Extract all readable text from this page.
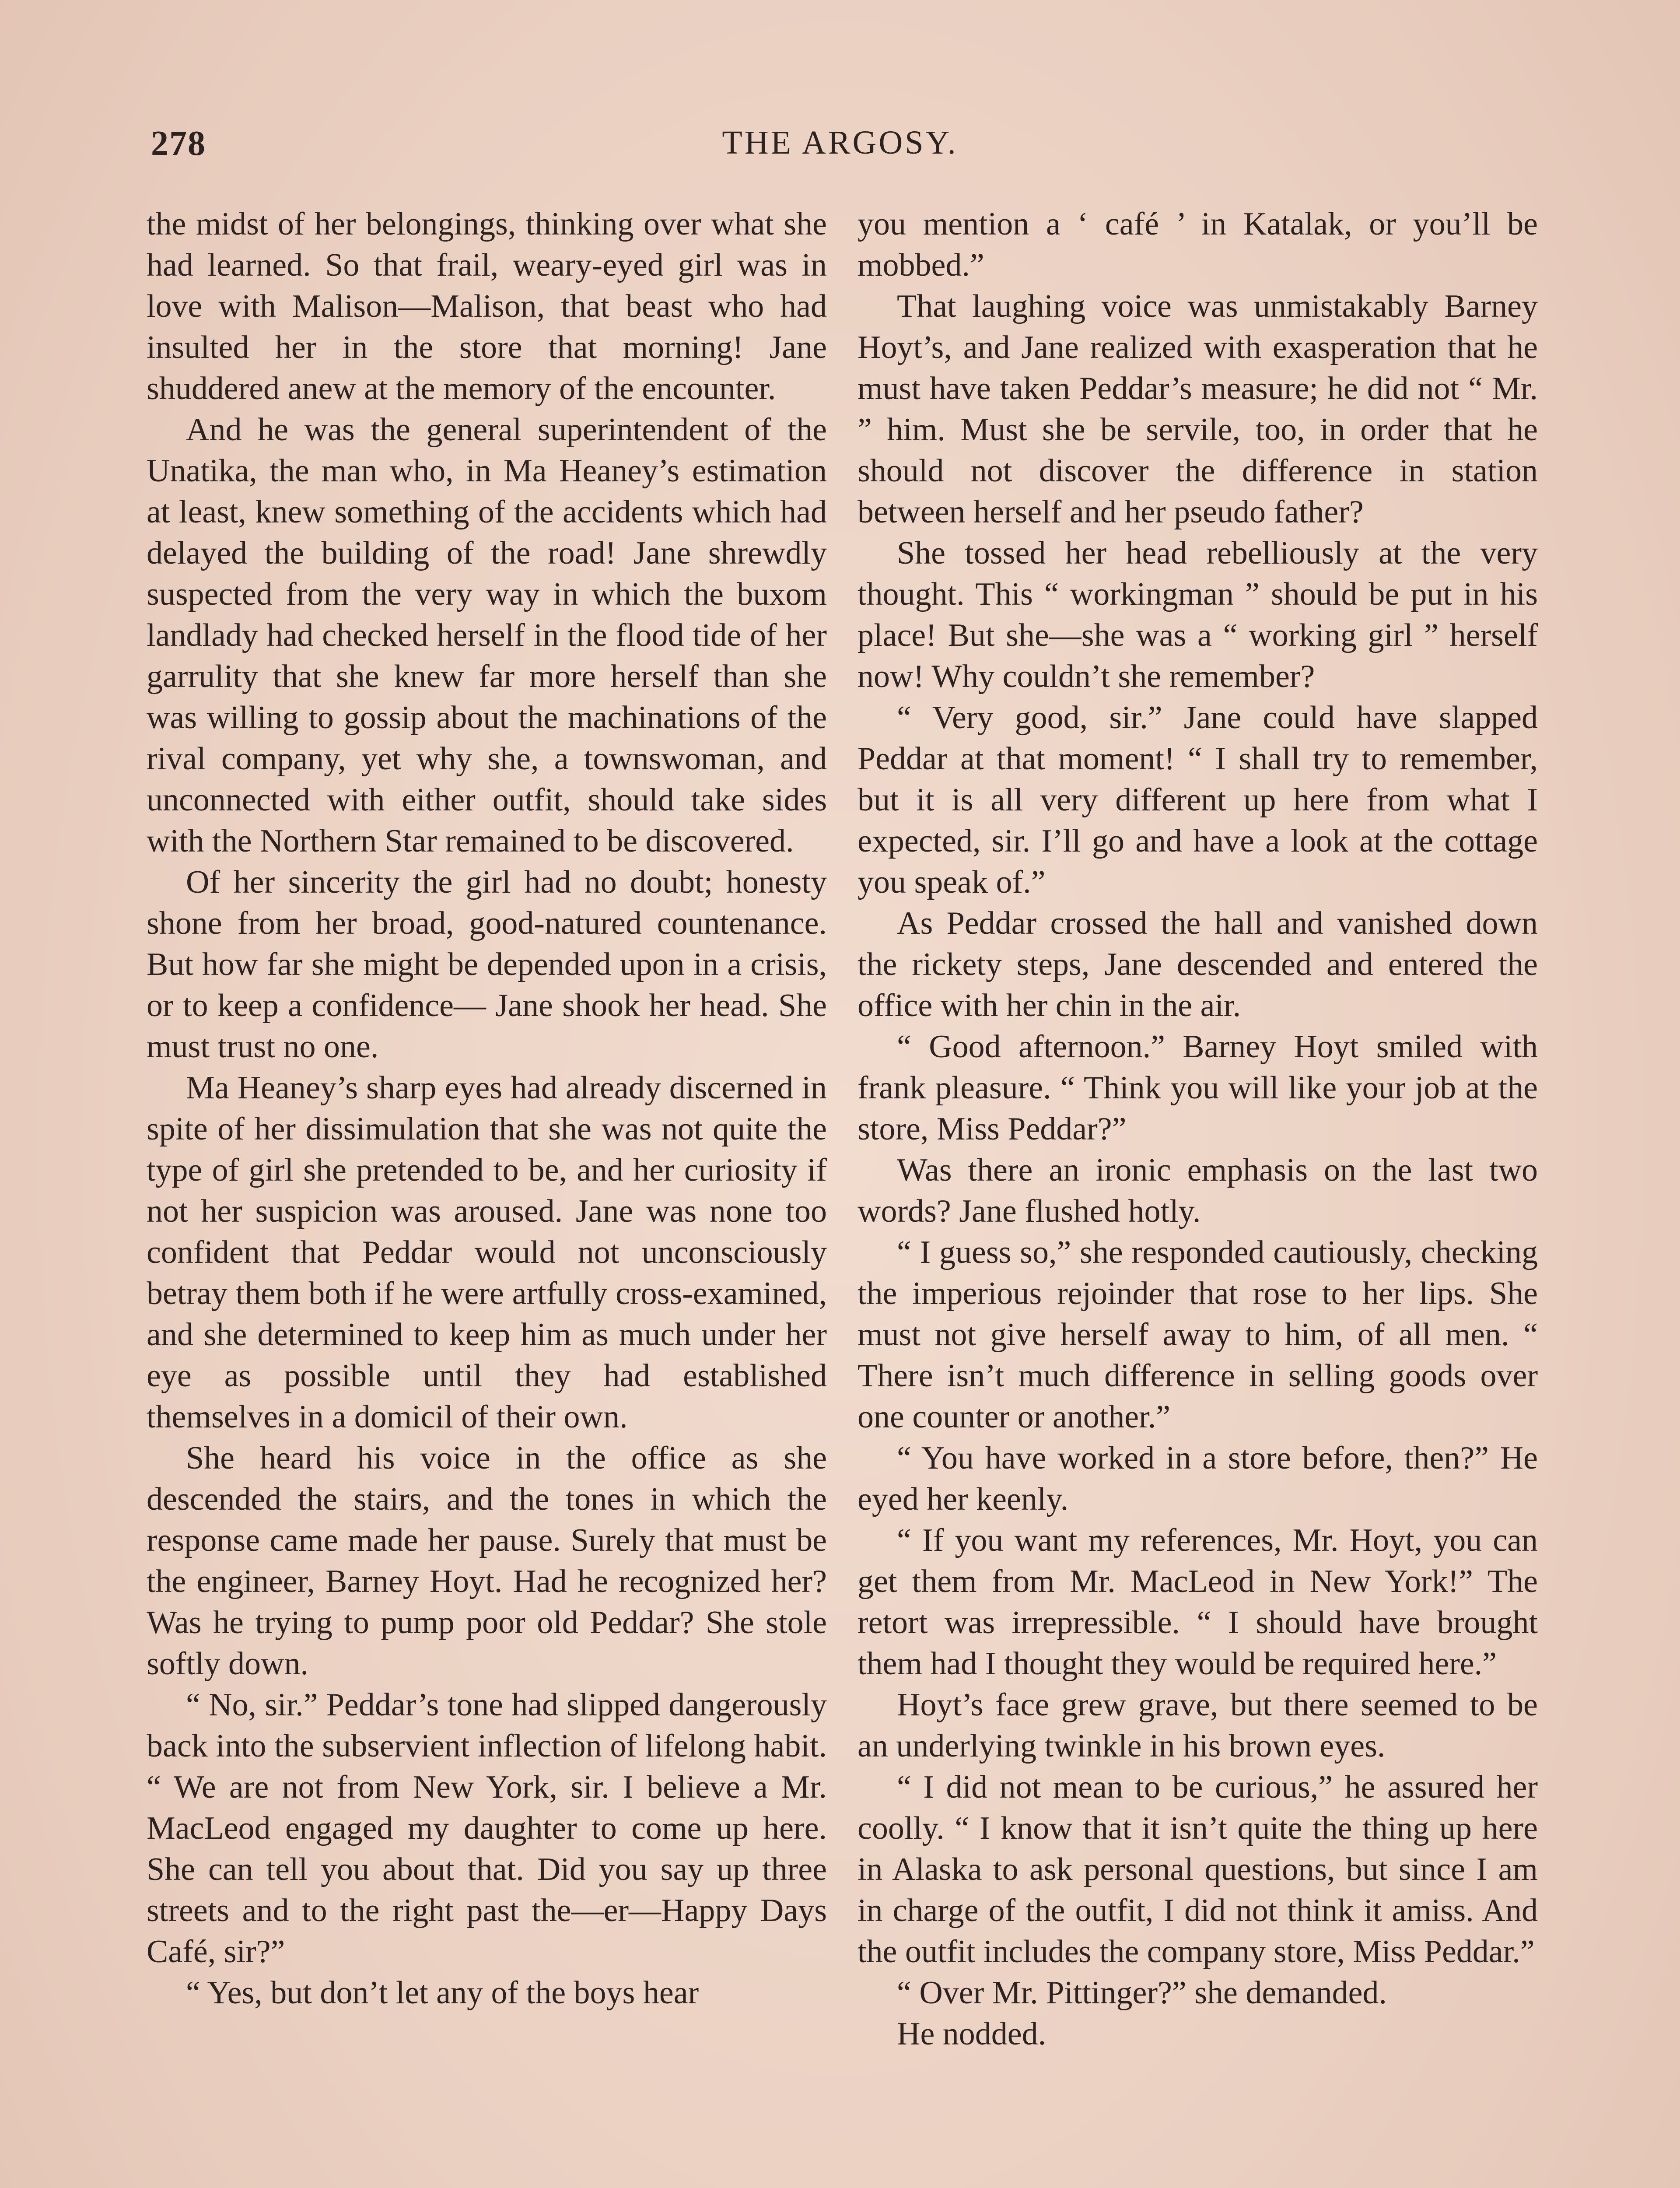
278	THE ARGOSY.

the midst of her belongings, thinking over what she had learned. So that frail, weary-eyed girl was in love with Malison—Malison, that beast who had insulted her in the store that morning! Jane shuddered anew at the memory of the encounter.

And he was the general superintendent of the Unatika, the man who, in Ma Heaney’s estimation at least, knew something of the accidents which had delayed the building of the road! Jane shrewdly suspected from the very way in which the buxom landlady had checked herself in the flood tide of her garrulity that she knew far more herself than she was willing to gossip about the machinations of the rival company, yet why she, a townswoman, and unconnected with either outfit, should take sides with the Northern Star remained to be discovered.

Of her sincerity the girl had no doubt; honesty shone from her broad, good-natured countenance. But how far she might be depended upon in a crisis, or to keep a confidence— Jane shook her head. She must trust no one.

Ma Heaney’s sharp eyes had already discerned in spite of her dissimulation that she was not quite the type of girl she pretended to be, and her curiosity if not her suspicion was aroused. Jane was none too confident that Peddar would not unconsciously betray them both if he were artfully cross-examined, and she determined to keep him as much under her eye as possible until they had established themselves in a domicil of their own.

She heard his voice in the office as she descended the stairs, and the tones in which the response came made her pause. Surely that must be the engineer, Barney Hoyt. Had he recognized her? Was he trying to pump poor old Peddar? She stole softly down.

“ No, sir.” Peddar’s tone had slipped dangerously back into the subservient inflection of lifelong habit. “ We are not from New York, sir. I believe a Mr. MacLeod engaged my daughter to come up here. She can tell you about that. Did you say up three streets and to the right past the—er—Happy Days Café, sir?”

“ Yes, but don’t let any of the boys hear

you mention a ‘ café ’ in Katalak, or you’ll be mobbed.”

That laughing voice was unmistakably Barney Hoyt’s, and Jane realized with exasperation that he must have taken Peddar’s measure; he did not “ Mr. ” him. Must she be servile, too, in order that he should not discover the difference in station between herself and her pseudo father?

She tossed her head rebelliously at the very thought. This “ workingman ” should be put in his place! But she—she was a “ working girl ” herself now! Why couldn’t she remember?

“ Very good, sir.” Jane could have slapped Peddar at that moment! “ I shall try to remember, but it is all very different up here from what I expected, sir. I’ll go and have a look at the cottage you speak of.”

As Peddar crossed the hall and vanished down the rickety steps, Jane descended and entered the office with her chin in the air.

“ Good afternoon.” Barney Hoyt smiled with frank pleasure. “ Think you will like your job at the store, Miss Peddar?”

Was there an ironic emphasis on the last two words? Jane flushed hotly.

“ I guess so,” she responded cautiously, checking the imperious rejoinder that rose to her lips. She must not give herself away to him, of all men. “ There isn’t much difference in selling goods over one counter or another.”

“ You have worked in a store before, then?” He eyed her keenly.

“ If you want my references, Mr. Hoyt, you can get them from Mr. MacLeod in New York!” The retort was irrepressible. “ I should have brought them had I thought they would be required here.”

Hoyt’s face grew grave, but there seemed to be an underlying twinkle in his brown eyes.

“ I did not mean to be curious,” he assured her coolly. “ I know that it isn’t quite the thing up here in Alaska to ask personal questions, but since I am in charge of the outfit, I did not think it amiss. And the outfit includes the company store, Miss Peddar.”

“ Over Mr. Pittinger?” she demanded.

He nodded.
